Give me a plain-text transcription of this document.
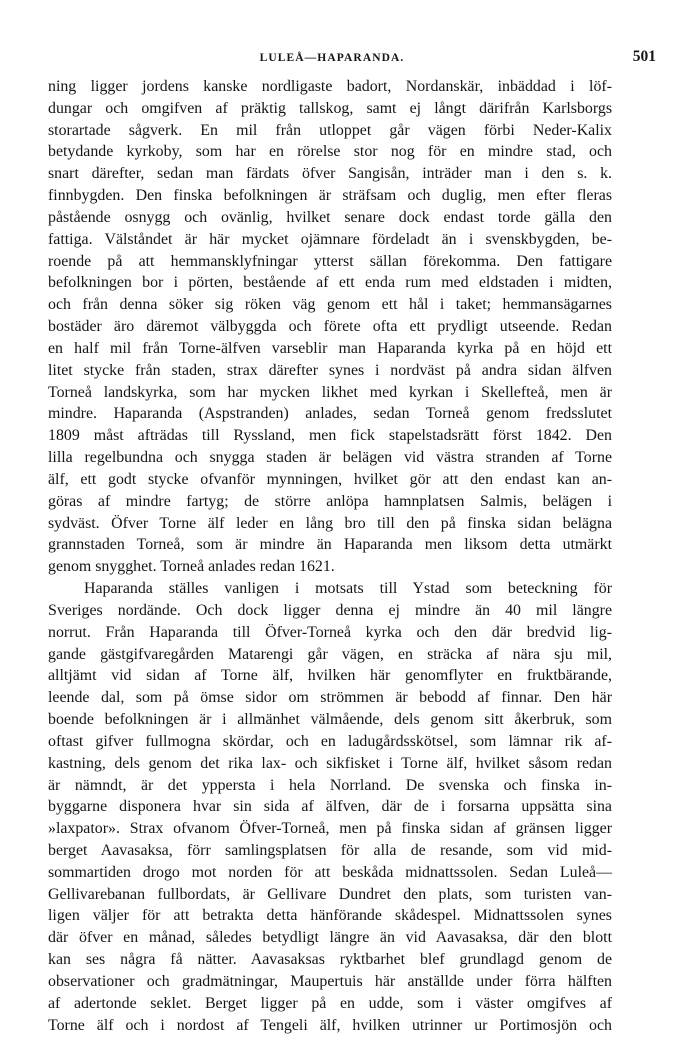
LULEÅ—HAPARANDA.	501
ning ligger jordens kanske nordligaste badort, Nordanskär, inbäddad i löf-
dungar och omgifven af präktig tallskog, samt ej långt därifrån Karlsborgs
storartade sågverk. En mil från utloppet går vägen förbi Neder-Kalix
betydande kyrkoby, som har en rörelse stor nog för en mindre stad, och
snart därefter, sedan man färdats öfver Sangisån, inträder man i den s. k.
finnbygden. Den finska befolkningen är sträfsam och duglig, men efter fleras
påstående osnygg och ovänlig, hvilket senare dock endast torde gälla den
fattiga. Välståndet är här mycket ojämnare fördeladt än i svenskbygden, be-
roende på att hemmansklyfningar ytterst sällan förekomma. Den fattigare
befolkningen bor i pörten, bestående af ett enda rum med eldstaden i midten,
och från denna söker sig röken väg genom ett hål i taket; hemmansägarnes
bostäder äro däremot välbyggda och förete ofta ett prydligt utseende. Redan
en half mil från Torne-älfven varseblir man Haparanda kyrka på en höjd ett
litet stycke från staden, strax därefter synes i nordväst på andra sidan älfven
Torneå landskyrka, som har mycken likhet med kyrkan i Skellefteå, men är
mindre. Haparanda (Aspstranden) anlades, sedan Torneå genom fredsslutet
1809 måst afträdas till Ryssland, men fick stapelstadsrätt först 1842. Den
lilla regelbundna och snygga staden är belägen vid västra stranden af Torne
älf, ett godt stycke ofvanför mynningen, hvilket gör att den endast kan an-
göras af mindre fartyg; de större anlöpa hamnplatsen Salmis, belägen i
sydväst. Öfver Torne älf leder en lång bro till den på finska sidan belägna
grannstaden Torneå, som är mindre än Haparanda men liksom detta utmärkt
genom snygghet. Torneå anlades redan 1621.
Haparanda ställes vanligen i motsats till Ystad som beteckning för
Sveriges nordände. Och dock ligger denna ej mindre än 40 mil längre
norrut. Från Haparanda till Öfver-Torneå kyrka och den där bredvid lig-
gande gästgifvaregården Matarengi går vägen, en sträcka af nära sju mil,
alltjämt vid sidan af Torne älf, hvilken här genomflyter en fruktbärande,
leende dal, som på ömse sidor om strömmen är bebodd af finnar. Den här
boende befolkningen är i allmänhet välmående, dels genom sitt åkerbruk, som
oftast gifver fullmogna skördar, och en ladugårdsskötsel, som lämnar rik af-
kastning, dels genom det rika lax- och sikfisket i Torne älf, hvilket såsom redan
är nämndt, är det yppersta i hela Norrland. De svenska och finska in-
byggarne disponera hvar sin sida af älfven, där de i forsarna uppsätta sina
»laxpator». Strax ofvanom Öfver-Torneå, men på finska sidan af gränsen ligger
berget Aavasaksa, förr samlingsplatsen för alla de resande, som vid mid-
sommartiden drogo mot norden för att beskåda midnattssolen. Sedan Luleå—
Gellivarebanan fullbordats, är Gellivare Dundret den plats, som turisten van-
ligen väljer för att betrakta detta hänförande skådespel. Midnattssolen synes
där öfver en månad, således betydligt längre än vid Aavasaksa, där den blott
kan ses några få nätter. Aavasaksas ryktbarhet blef grundlagd genom de
observationer och gradmätningar, Maupertuis här anställde under förra hälften
af adertonde seklet. Berget ligger på en udde, som i väster omgifves af
Torne älf och i nordost af Tengeli älf, hvilken utrinner ur Portimosjön och
